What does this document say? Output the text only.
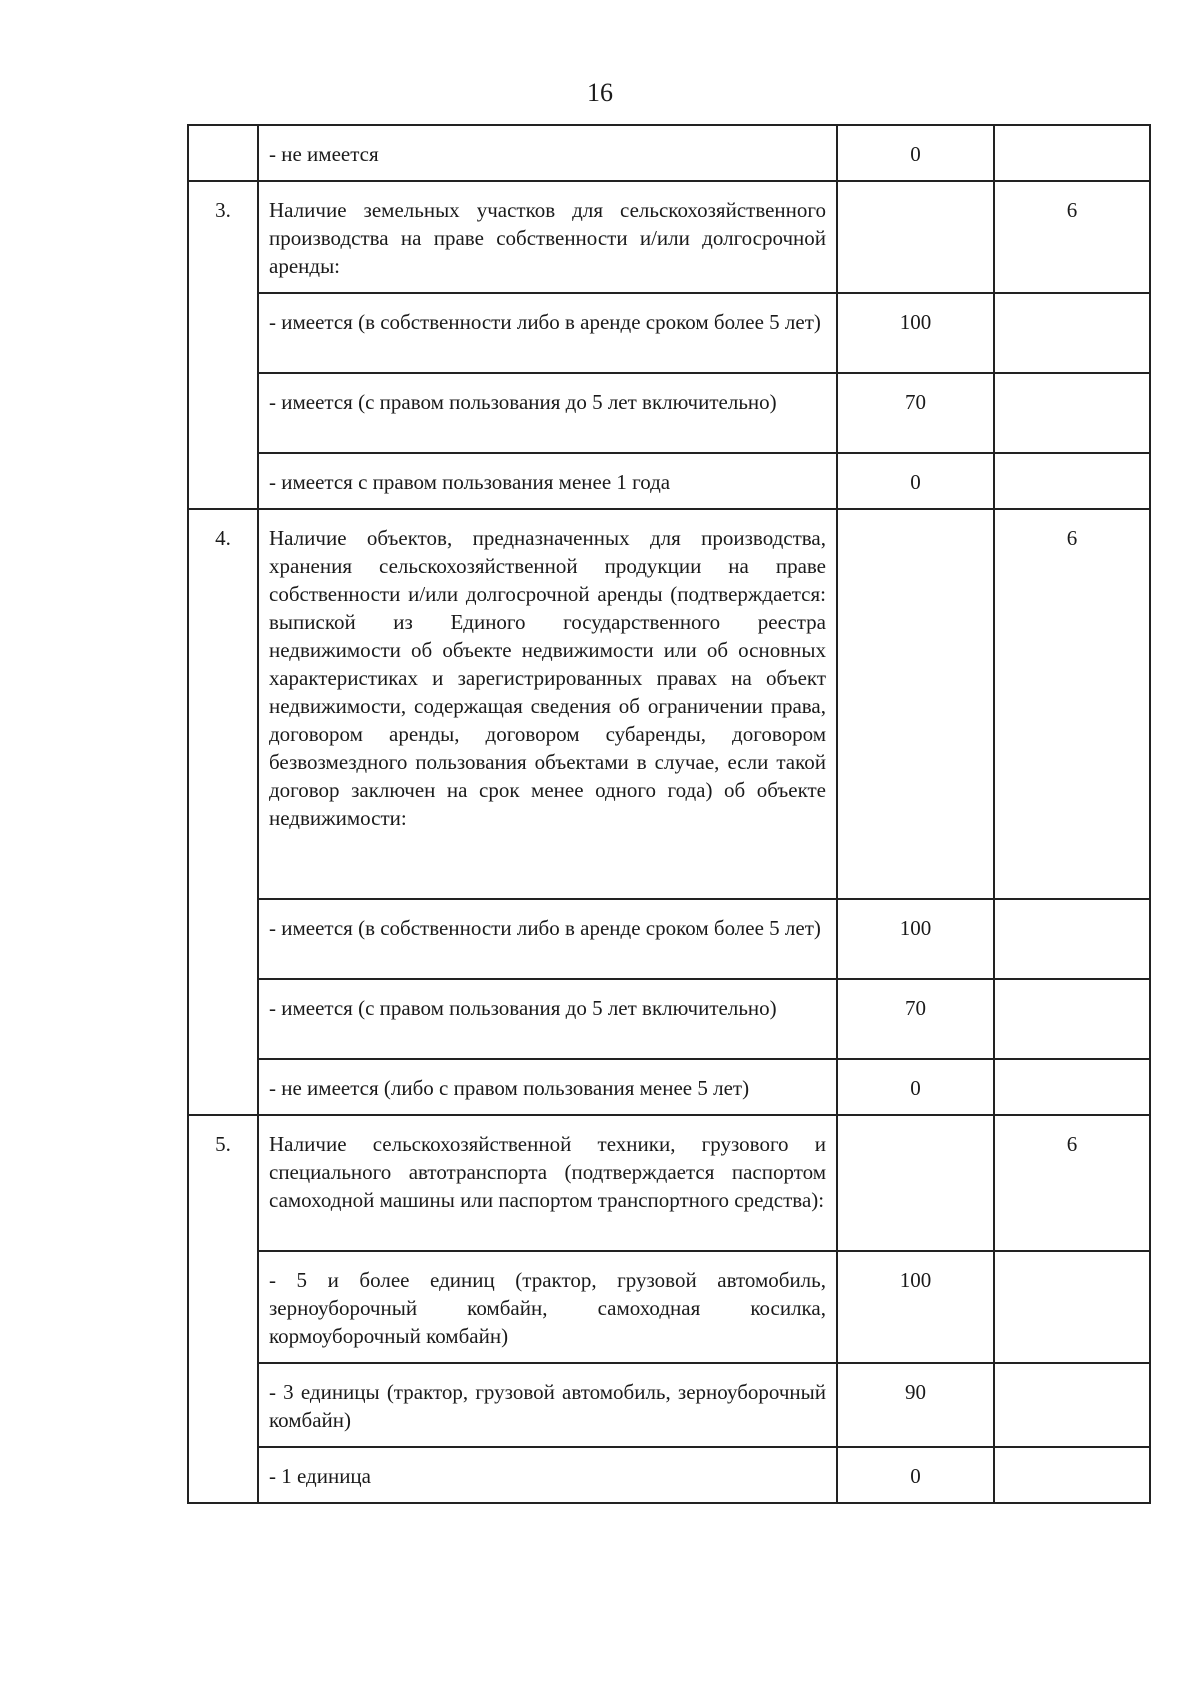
16
	- не имеется	0	
3.	Наличие земельных участков для сельскохозяйственного производства на праве собственности и/или долгосрочной аренды:		6
	- имеется (в собственности либо в аренде сроком более 5 лет)	100	
	- имеется (с правом пользования до 5 лет включительно)	70	
	- имеется с правом пользования менее 1 года	0	
4.	Наличие объектов, предназначенных для производства, хранения сельскохозяйственной продукции на праве собственности и/или долгосрочной аренды (подтверждается: выпиской из Единого государственного реестра недвижимости об объекте недвижимости или об основных характеристиках и зарегистрированных правах на объект недвижимости, содержащая сведения об ограничении права, договором аренды, договором субаренды, договором безвозмездного пользования объектами в случае, если такой договор заключен на срок менее одного года) об объекте недвижимости:		6
	- имеется (в собственности либо в аренде сроком более 5 лет)	100	
	- имеется (с правом пользования до 5 лет включительно)	70	
	- не имеется (либо с правом пользования менее 5 лет)	0	
5.	Наличие сельскохозяйственной техники, грузового и специального автотранспорта (подтверждается паспортом самоходной машины или паспортом транспортного средства):		6
	- 5 и более единиц (трактор, грузовой автомобиль, зерноуборочный комбайн, самоходная косилка, кормоуборочный комбайн)	100	
	- 3 единицы (трактор, грузовой автомобиль, зерноуборочный комбайн)	90	
	- 1 единица	0	
